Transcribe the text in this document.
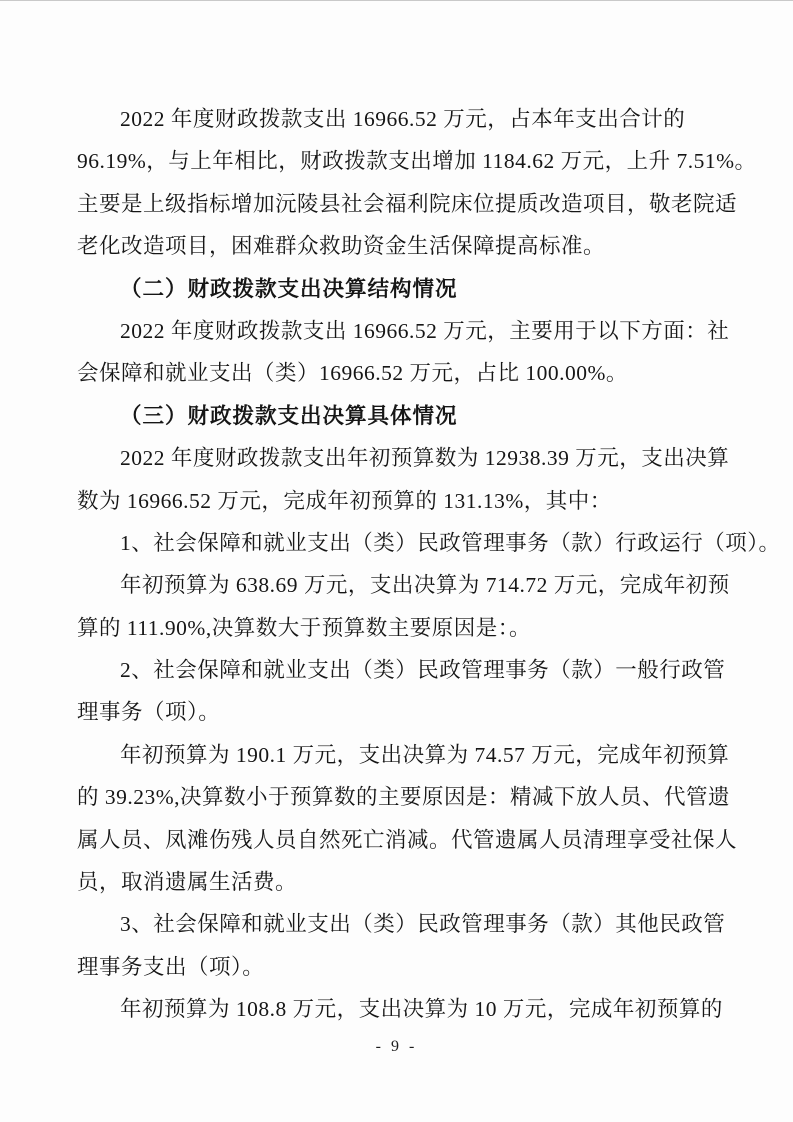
2022 年度财政拨款支出 16966.52 万元，占本年支出合计的
96.19%，与上年相比，财政拨款支出增加 1184.62 万元，上升 7.51%。
主要是上级指标增加沅陵县社会福利院床位提质改造项目，敬老院适
老化改造项目，困难群众救助资金生活保障提高标准。
（二）财政拨款支出决算结构情况
2022 年度财政拨款支出 16966.52 万元，主要用于以下方面：社
会保障和就业支出（类）16966.52 万元，占比 100.00%。
（三）财政拨款支出决算具体情况
2022 年度财政拨款支出年初预算数为 12938.39 万元，支出决算
数为 16966.52 万元，完成年初预算的 131.13%，其中：
1、社会保障和就业支出（类）民政管理事务（款）行政运行（项）。
年初预算为 638.69 万元，支出决算为 714.72 万元，完成年初预
算的 111.90%,决算数大于预算数主要原因是：。
2、社会保障和就业支出（类）民政管理事务（款）一般行政管
理事务（项）。
年初预算为 190.1 万元，支出决算为 74.57 万元，完成年初预算
的 39.23%,决算数小于预算数的主要原因是：精减下放人员、代管遗
属人员、凤滩伤残人员自然死亡消减。代管遗属人员清理享受社保人
员，取消遗属生活费。
3、社会保障和就业支出（类）民政管理事务（款）其他民政管
理事务支出（项）。
年初预算为 108.8 万元，支出决算为 10 万元，完成年初预算的
- 9 -
